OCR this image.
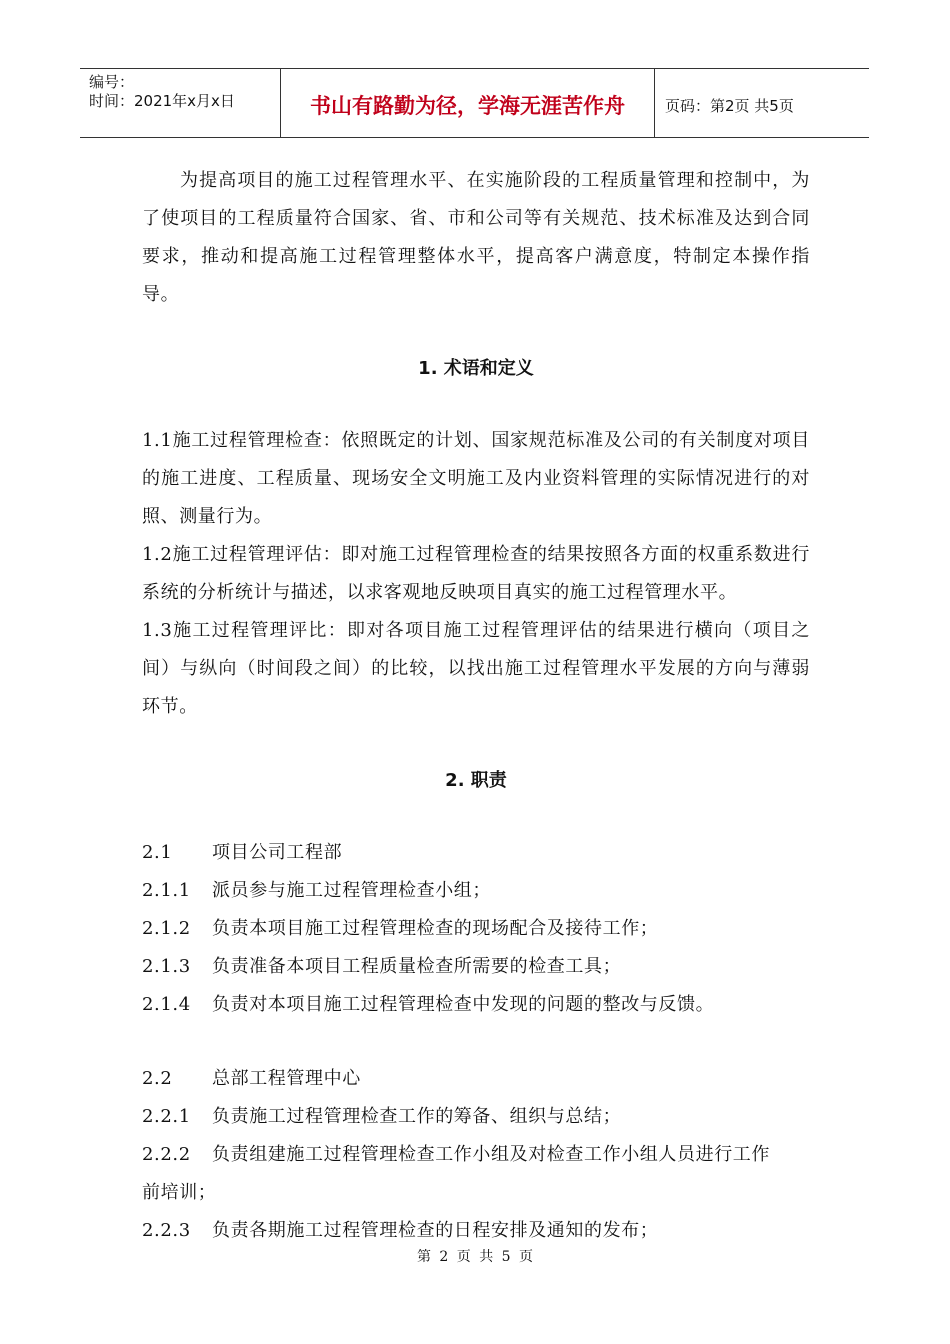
编号：
时间：2021年x月x日	书山有路勤为径，学海无涯苦作舟	页码：第2页 共5页

为提高项目的施工过程管理水平、在实施阶段的工程质量管理和控制中，为了使项目的工程质量符合国家、省、市和公司等有关规范、技术标准及达到合同要求，推动和提高施工过程管理整体水平，提高客户满意度，特制定本操作指导。

1. 术语和定义

1.1施工过程管理检查：依照既定的计划、国家规范标准及公司的有关制度对项目的施工进度、工程质量、现场安全文明施工及内业资料管理的实际情况进行的对照、测量行为。

1.2施工过程管理评估：即对施工过程管理检查的结果按照各方面的权重系数进行系统的分析统计与描述，以求客观地反映项目真实的施工过程管理水平。

1.3施工过程管理评比：即对各项目施工过程管理评估的结果进行横向（项目之间）与纵向（时间段之间）的比较，以找出施工过程管理水平发展的方向与薄弱环节。

2. 职责
2.1	项目公司工程部
2.1.1	派员参与施工过程管理检查小组；
2.1.2	负责本项目施工过程管理检查的现场配合及接待工作；
2.1.3	负责准备本项目工程质量检查所需要的检查工具；
2.1.4	负责对本项目施工过程管理检查中发现的问题的整改与反馈。
2.2	总部工程管理中心
2.2.1	负责施工过程管理检查工作的筹备、组织与总结；
2.2.2	负责组建施工过程管理检查工作小组及对检查工作小组人员进行工作
前培训；
2.2.3	负责各期施工过程管理检查的日程安排及通知的发布；
第 2 页 共 5 页
